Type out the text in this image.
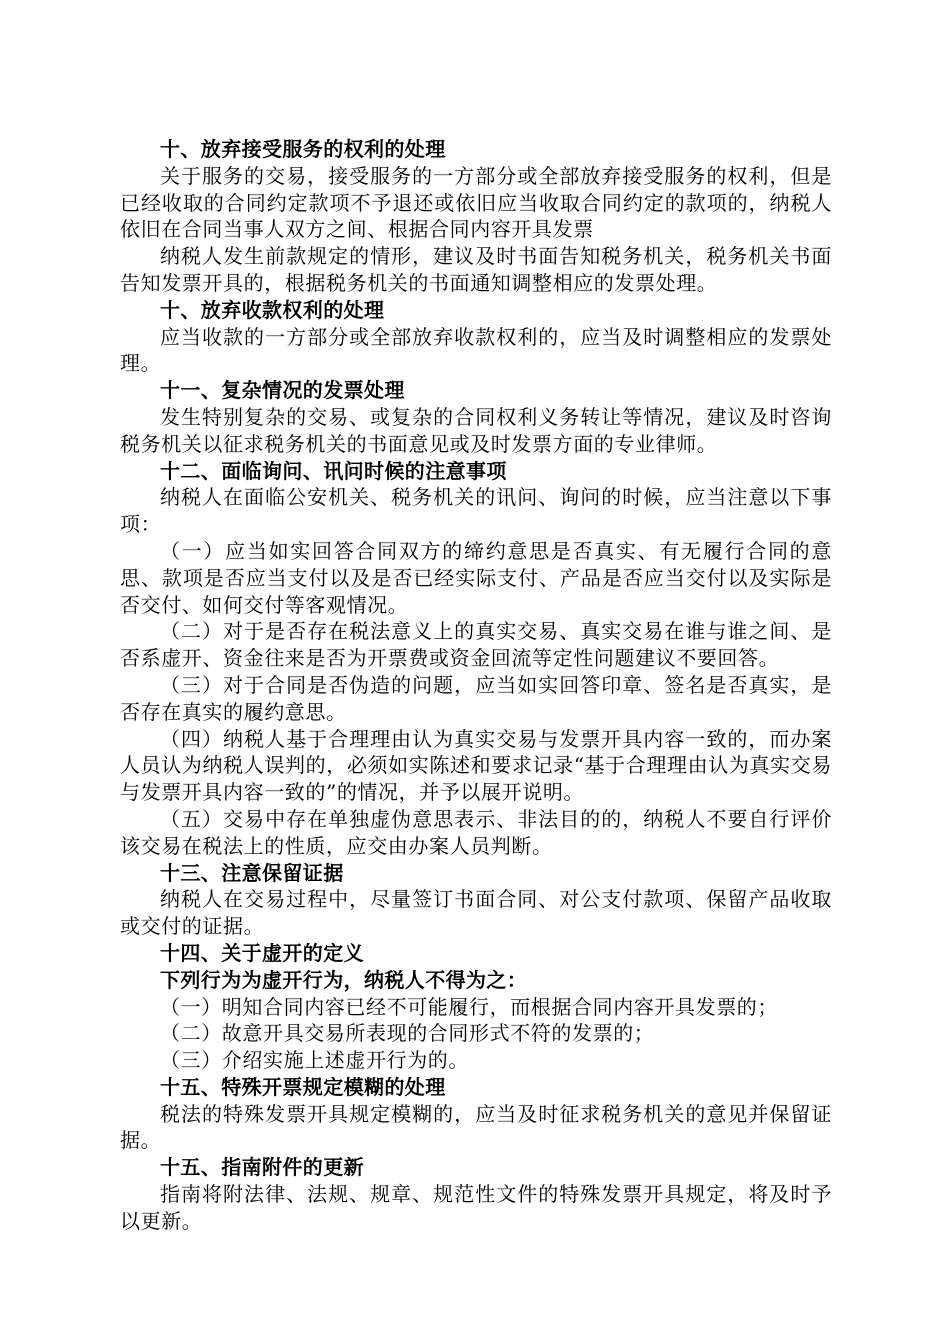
十、放弃接受服务的权利的处理

关于服务的交易，接受服务的一方部分或全部放弃接受服务的权利，但是已经收取的合同约定款项不予退还或依旧应当收取合同约定的款项的，纳税人依旧在合同当事人双方之间、根据合同内容开具发票

纳税人发生前款规定的情形，建议及时书面告知税务机关，税务机关书面告知发票开具的，根据税务机关的书面通知调整相应的发票处理。

十、放弃收款权利的处理

应当收款的一方部分或全部放弃收款权利的，应当及时调整相应的发票处理。

十一、复杂情况的发票处理

发生特别复杂的交易、或复杂的合同权利义务转让等情况，建议及时咨询税务机关以征求税务机关的书面意见或及时发票方面的专业律师。

十二、面临询问、讯问时候的注意事项

纳税人在面临公安机关、税务机关的讯问、询问的时候，应当注意以下事项：

（一）应当如实回答合同双方的缔约意思是否真实、有无履行合同的意思、款项是否应当支付以及是否已经实际支付、产品是否应当交付以及实际是否交付、如何交付等客观情况。

（二）对于是否存在税法意义上的真实交易、真实交易在谁与谁之间、是否系虚开、资金往来是否为开票费或资金回流等定性问题建议不要回答。

（三）对于合同是否伪造的问题，应当如实回答印章、签名是否真实，是否存在真实的履约意思。

（四）纳税人基于合理理由认为真实交易与发票开具内容一致的，而办案人员认为纳税人误判的，必须如实陈述和要求记录“基于合理理由认为真实交易与发票开具内容一致的”的情况，并予以展开说明。

（五）交易中存在单独虚伪意思表示、非法目的的，纳税人不要自行评价该交易在税法上的性质，应交由办案人员判断。

十三、注意保留证据

纳税人在交易过程中，尽量签订书面合同、对公支付款项、保留产品收取或交付的证据。

十四、关于虚开的定义

下列行为为虚开行为，纳税人不得为之：

（一）明知合同内容已经不可能履行，而根据合同内容开具发票的；

（二）故意开具交易所表现的合同形式不符的发票的；

（三）介绍实施上述虚开行为的。

十五、特殊开票规定模糊的处理

税法的特殊发票开具规定模糊的，应当及时征求税务机关的意见并保留证据。

十五、指南附件的更新

指南将附法律、法规、规章、规范性文件的特殊发票开具规定，将及时予以更新。
